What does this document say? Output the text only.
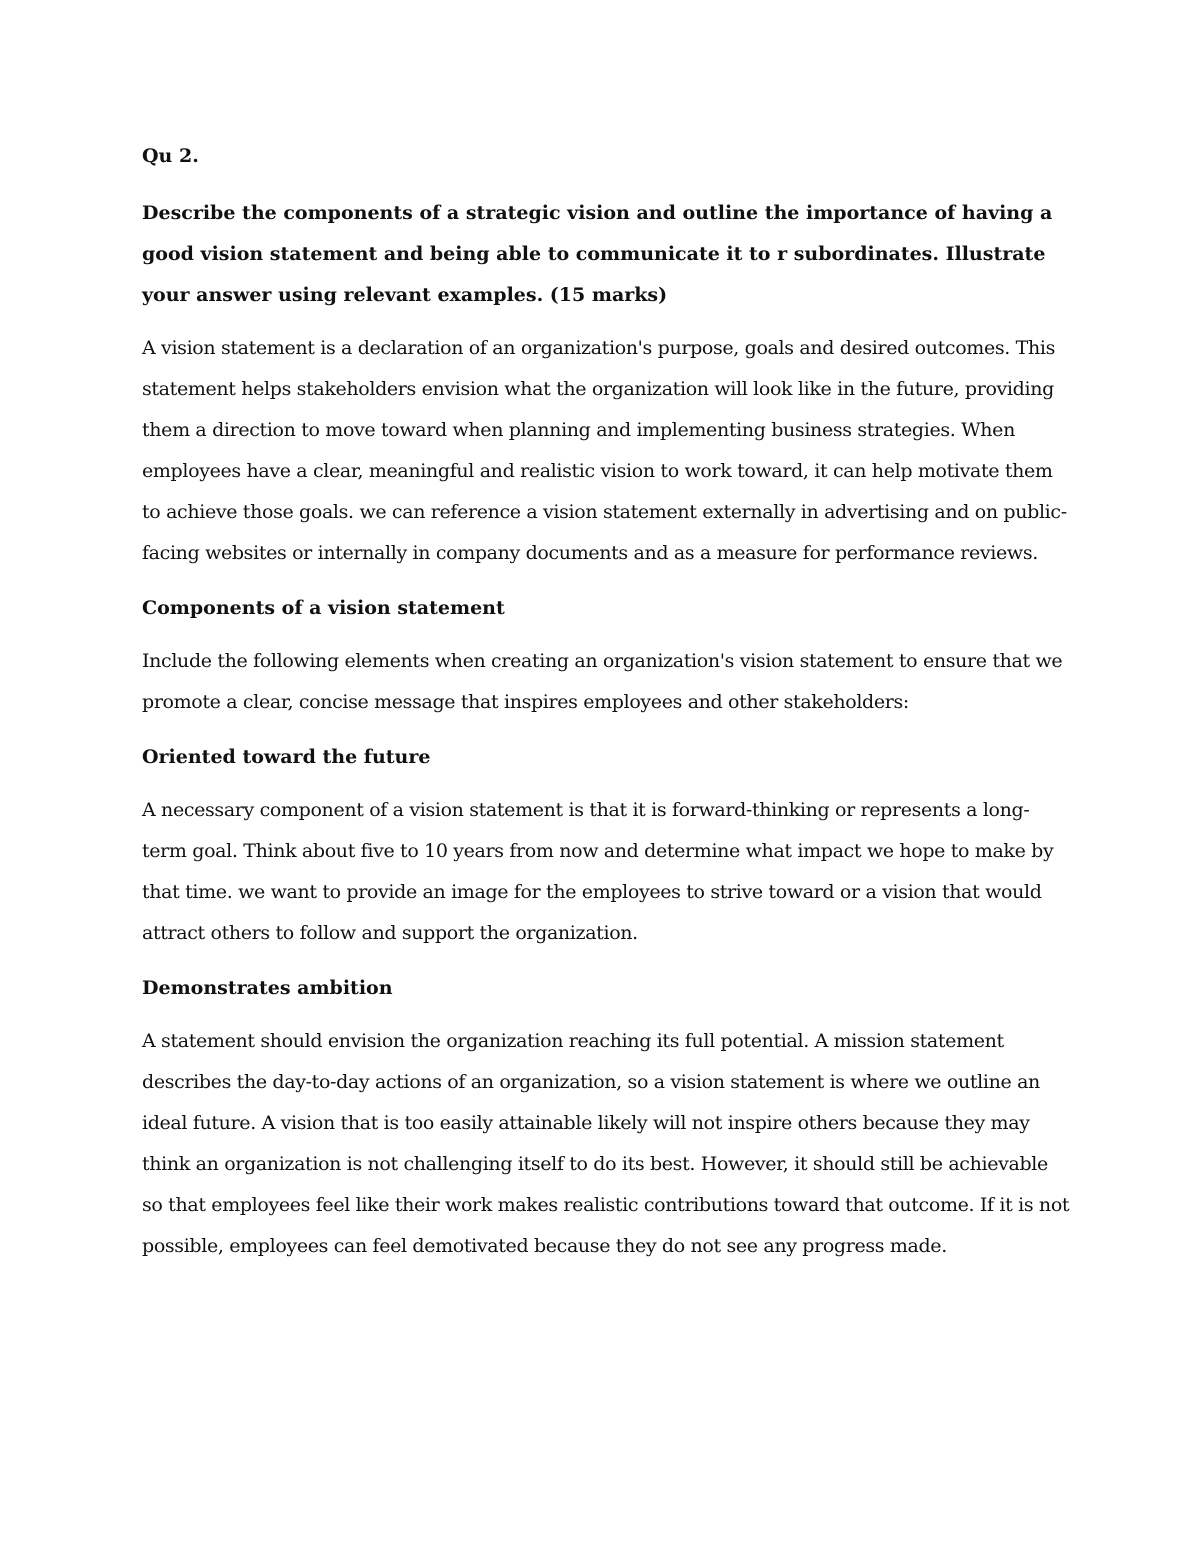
Qu 2.

Describe the components of a strategic vision and outline the importance of having a good vision statement and being able to communicate it to r subordinates. Illustrate your answer using relevant examples. (15 marks)

A vision statement is a declaration of an organization's purpose, goals and desired outcomes. This statement helps stakeholders envision what the organization will look like in the future, providing them a direction to move toward when planning and implementing business strategies. When employees have a clear, meaningful and realistic vision to work toward, it can help motivate them to achieve those goals. we can reference a vision statement externally in advertising and on public-facing websites or internally in company documents and as a measure for performance reviews.

Components of a vision statement

Include the following elements when creating an organization's vision statement to ensure that we promote a clear, concise message that inspires employees and other stakeholders:

Oriented toward the future

A necessary component of a vision statement is that it is forward-thinking or represents a long-term goal. Think about five to 10 years from now and determine what impact we hope to make by that time. we want to provide an image for the employees to strive toward or a vision that would attract others to follow and support the organization.

Demonstrates ambition

A statement should envision the organization reaching its full potential. A mission statement describes the day-to-day actions of an organization, so a vision statement is where we outline an ideal future. A vision that is too easily attainable likely will not inspire others because they may think an organization is not challenging itself to do its best. However, it should still be achievable so that employees feel like their work makes realistic contributions toward that outcome. If it is not possible, employees can feel demotivated because they do not see any progress made.
